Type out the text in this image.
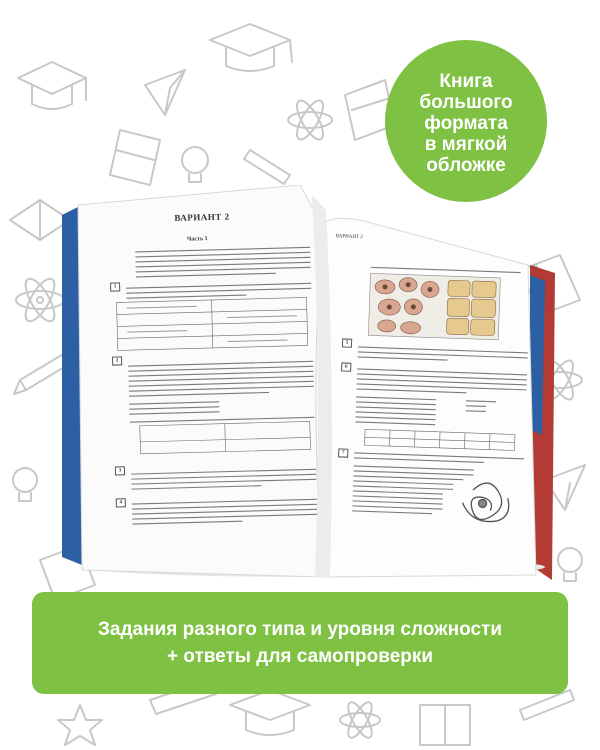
ВАРИАНТ 2
Часть 1
1
2
3
4
ВАРИАНТ 2
15
5
6
7
Книга
большого
формата
в мягкой
обложке
Задания разного типа и уровня сложности
+ ответы для самопроверки
